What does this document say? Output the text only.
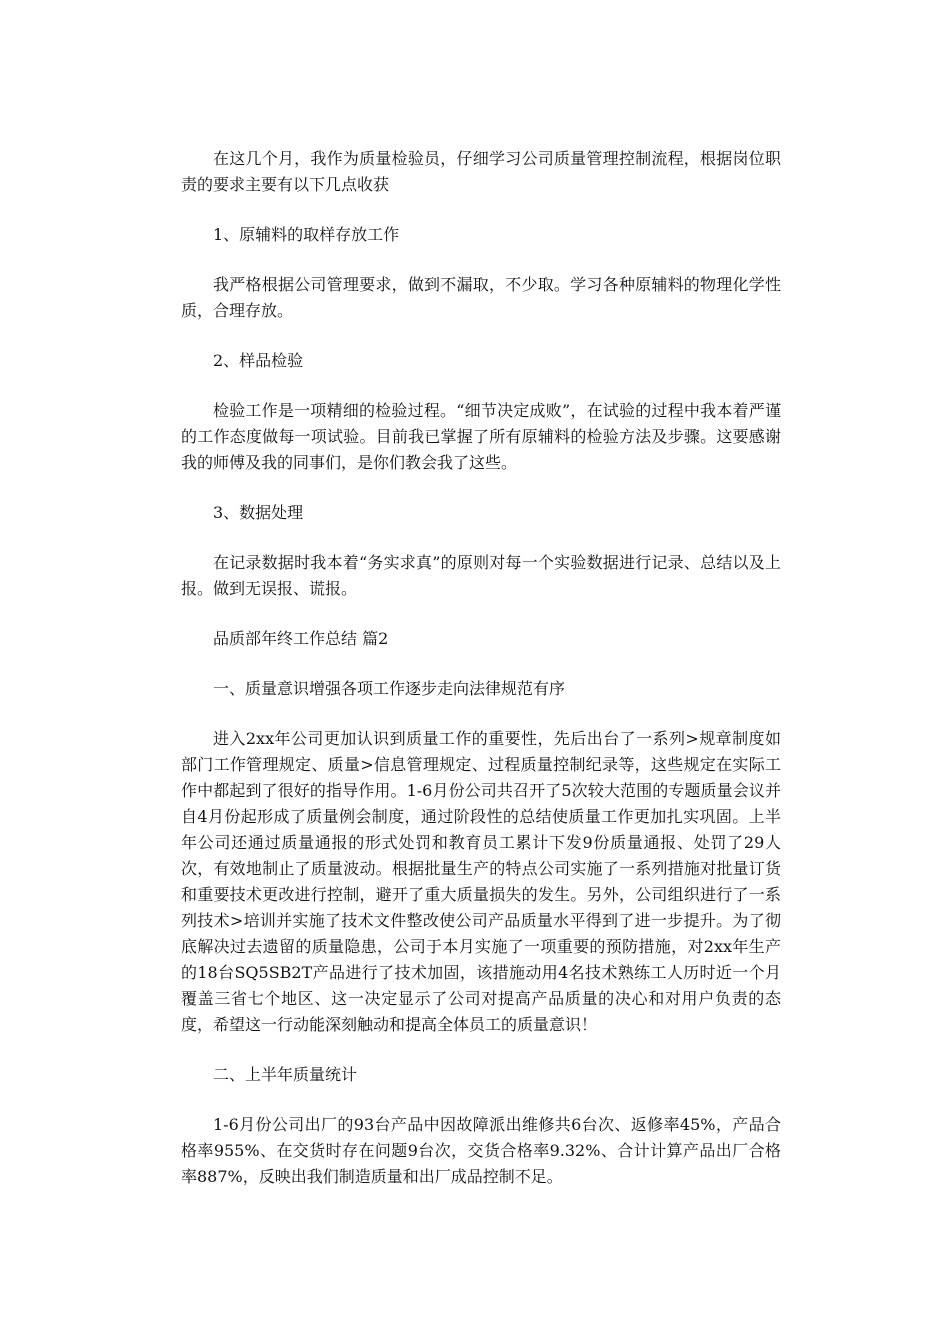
在这几个月，我作为质量检验员，仔细学习公司质量管理控制流程，根据岗位职责的要求主要有以下几点收获

1、原辅料的取样存放工作

我严格根据公司管理要求，做到不漏取，不少取。学习各种原辅料的物理化学性质，合理存放。

2、样品检验

检验工作是一项精细的检验过程。“细节决定成败”，在试验的过程中我本着严谨的工作态度做每一项试验。目前我已掌握了所有原辅料的检验方法及步骤。这要感谢我的师傅及我的同事们，是你们教会我了这些。

3、数据处理

在记录数据时我本着“务实求真”的原则对每一个实验数据进行记录、总结以及上报。做到无误报、谎报。

品质部年终工作总结 篇2

一、质量意识增强各项工作逐步走向法律规范有序

进入2xx年公司更加认识到质量工作的重要性，先后出台了一系列>规章制度如部门工作管理规定、质量>信息管理规定、过程质量控制纪录等，这些规定在实际工作中都起到了很好的指导作用。1-6月份公司共召开了5次较大范围的专题质量会议并自4月份起形成了质量例会制度，通过阶段性的总结使质量工作更加扎实巩固。上半年公司还通过质量通报的形式处罚和教育员工累计下发9份质量通报、处罚了29人次，有效地制止了质量波动。根据批量生产的特点公司实施了一系列措施对批量订货和重要技术更改进行控制，避开了重大质量损失的发生。另外，公司组织进行了一系列技术>培训并实施了技术文件整改使公司产品质量水平得到了进一步提升。为了彻底解决过去遗留的质量隐患，公司于本月实施了一项重要的预防措施，对2xx年生产的18台SQ5SB2T产品进行了技术加固，该措施动用4名技术熟练工人历时近一个月覆盖三省七个地区、这一决定显示了公司对提高产品质量的决心和对用户负责的态度，希望这一行动能深刻触动和提高全体员工的质量意识！

二、上半年质量统计

1-6月份公司出厂的93台产品中因故障派出维修共6台次、返修率45%，产品合格率955%、在交货时存在问题9台次，交货合格率9.32%、合计计算产品出厂合格率887%，反映出我们制造质量和出厂成品控制不足。
